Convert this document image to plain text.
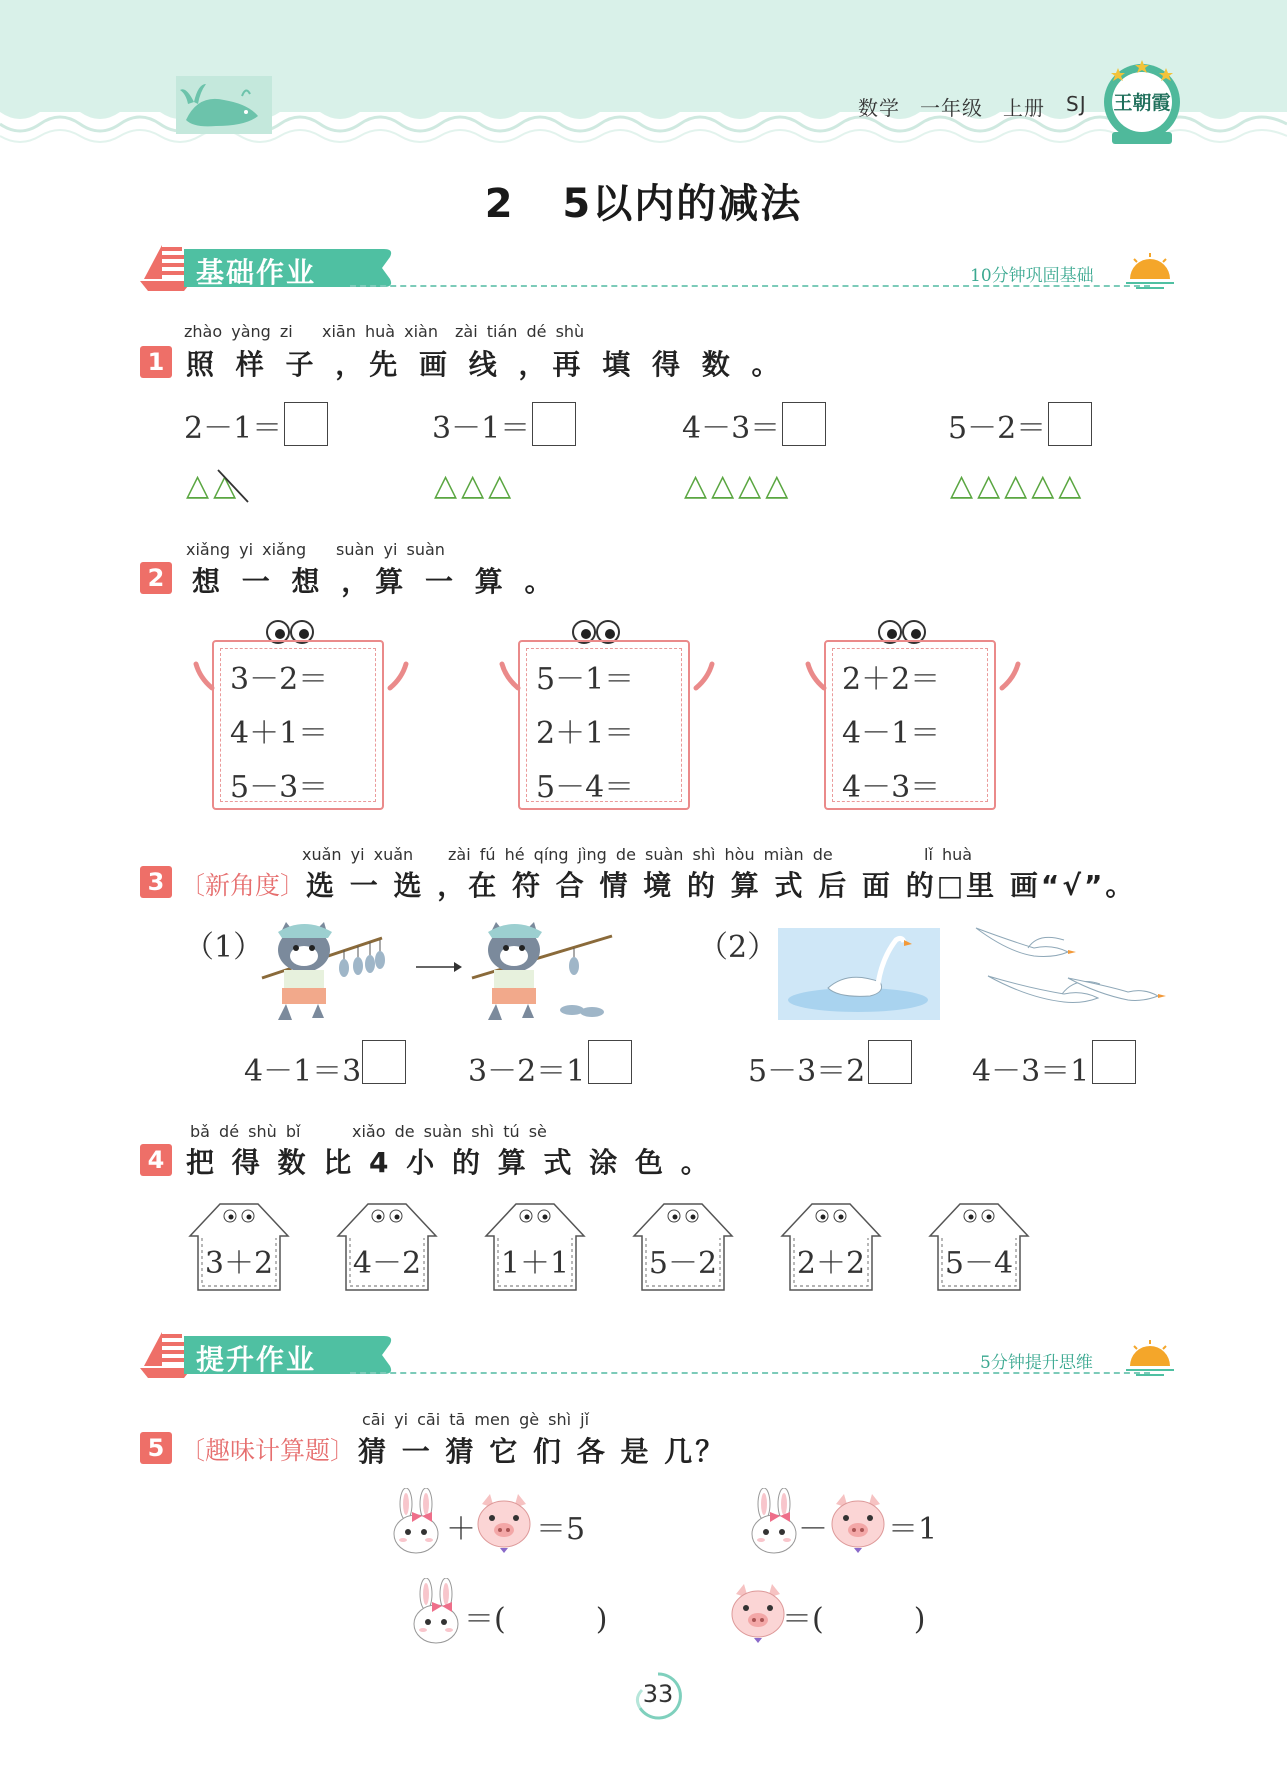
数学 一年级 上册 SJ	王朝霞
2   5以内的减法
基础作业	10分钟巩固基础
zhào yàng zi xiān huà xiàn zài tián dé shù
1 照 样 子 ，先 画 线 ，再 填 得 数 。
2－1＝	3－1＝	4－3＝	5－2＝
△△	△△△	△△△△	△△△△△
xiǎng yi xiǎng suàn yi suàn
2 想 一 想 ，算 一 算 。
3－2＝
4＋1＝
5－3＝
5－1＝
2＋1＝
5－4＝
2＋2＝
4－1＝
4－3＝
xuǎn yi xuǎn zài fú hé qíng jìng de suàn shì hòu miàn de	lǐ huà
3 〔新角度〕 选 一 选 ，在 符 合 情 境 的 算 式 后 面 的□里 画“√”。
（1）	（2）
4－1＝3	3－2＝1	5－3＝2	4－3＝1
bǎ dé shù bǐ	xiǎo de suàn shì tú sè
4 把 得 数 比 4 小 的 算 式 涂 色 。
3＋2	4－2	1＋1	5－2	2＋2	5－4
提升作业	5分钟提升思维
cāi yi cāi tā men gè shì jǐ
5 〔趣味计算题〕 猜 一 猜 它 们 各 是 几？
＋ ＝5	－ ＝1
＝(　　　)	＝(　　　)
33
